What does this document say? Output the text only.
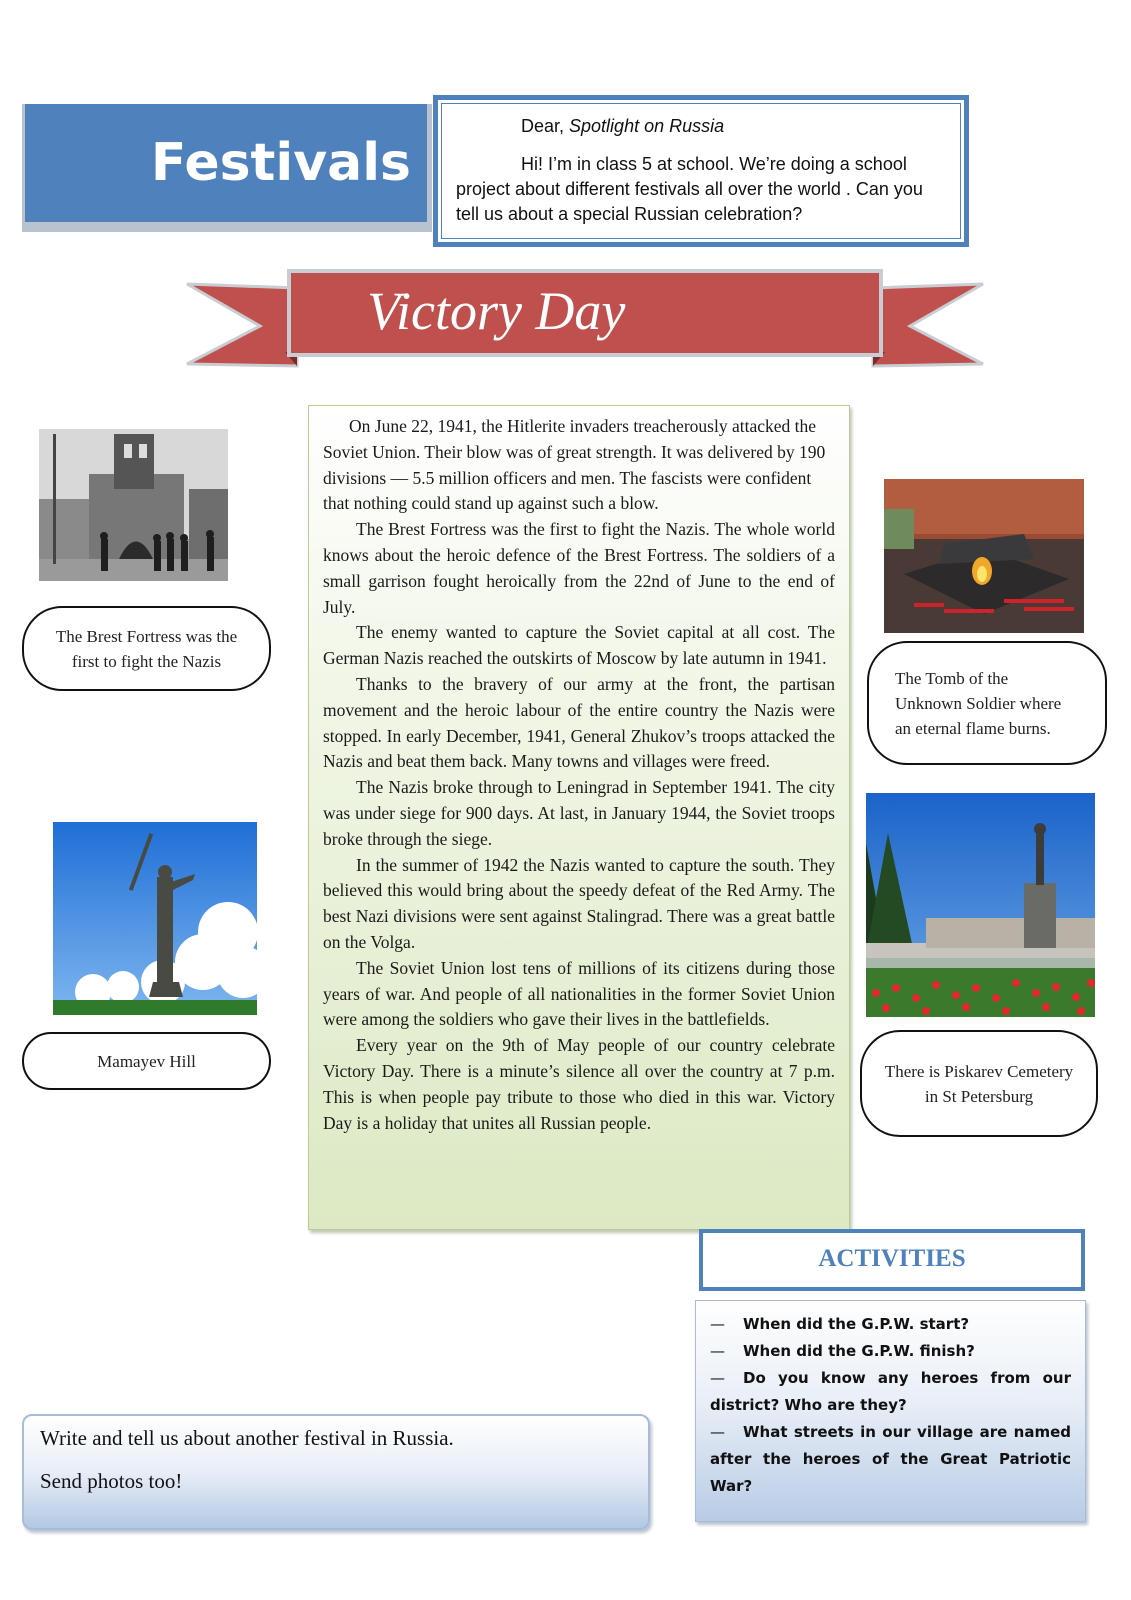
Festivals
Dear, Spotlight on Russia
Hi! I’m in class 5 at school. We’re doing a school project about different festivals all over the world . Can you tell us about a special Russian celebration?
Victory Day
The Brest Fortress was the first to fight the Nazis
Mamayev Hill
The Tomb of the Unknown Soldier where an eternal flame burns.
There is Piskarev Cemetery in St Petersburg

On June 22, 1941, the Hitlerite invaders treacherously attacked the Soviet Union. Their blow was of great strength. It was delivered by 190 divisions — 5.5 million officers and men. The fascists were confident that nothing could stand up against such a blow.

The Brest Fortress was the first to fight the Nazis. The whole world knows about the heroic defence of the Brest Fortress. The soldiers of a small garrison fought heroically from the 22nd of June to the end of July.

The enemy wanted to capture the Soviet capital at all cost. The German Nazis reached the outskirts of Moscow by late autumn in 1941.

Thanks to the bravery of our army at the front, the partisan movement and the heroic labour of the entire country the Nazis were stopped. In early December, 1941, General Zhukov’s troops attacked the Nazis and beat them back. Many towns and villages were freed.

The Nazis broke through to Leningrad in September 1941. The city was under siege for 900 days. At last, in January 1944, the Soviet troops broke through the siege.

In the summer of 1942 the Nazis wanted to capture the south. They believed this would bring about the speedy defeat of the Red Army. The best Nazi divisions were sent against Stalingrad. There was a great battle on the Volga.

The Soviet Union lost tens of millions of its citizens during those years of war. And people of all nationalities in the former Soviet Union were among the soldiers who gave their lives in the battlefields.

Every year on the 9th of May people of our country celebrate Victory Day. There is a minute’s silence all over the country at 7 p.m. This is when people pay tribute to those who died in this war. Victory Day is a holiday that unites all Russian people.

ACTIVITIES

— When did the G.P.W. start?

— When did the G.P.W. finish?

— Do you know any heroes from our district? Who are they?

— What streets in our village are named after the heroes of the Great Patriotic War?

Write and tell us about another festival in Russia.

Send photos too!
